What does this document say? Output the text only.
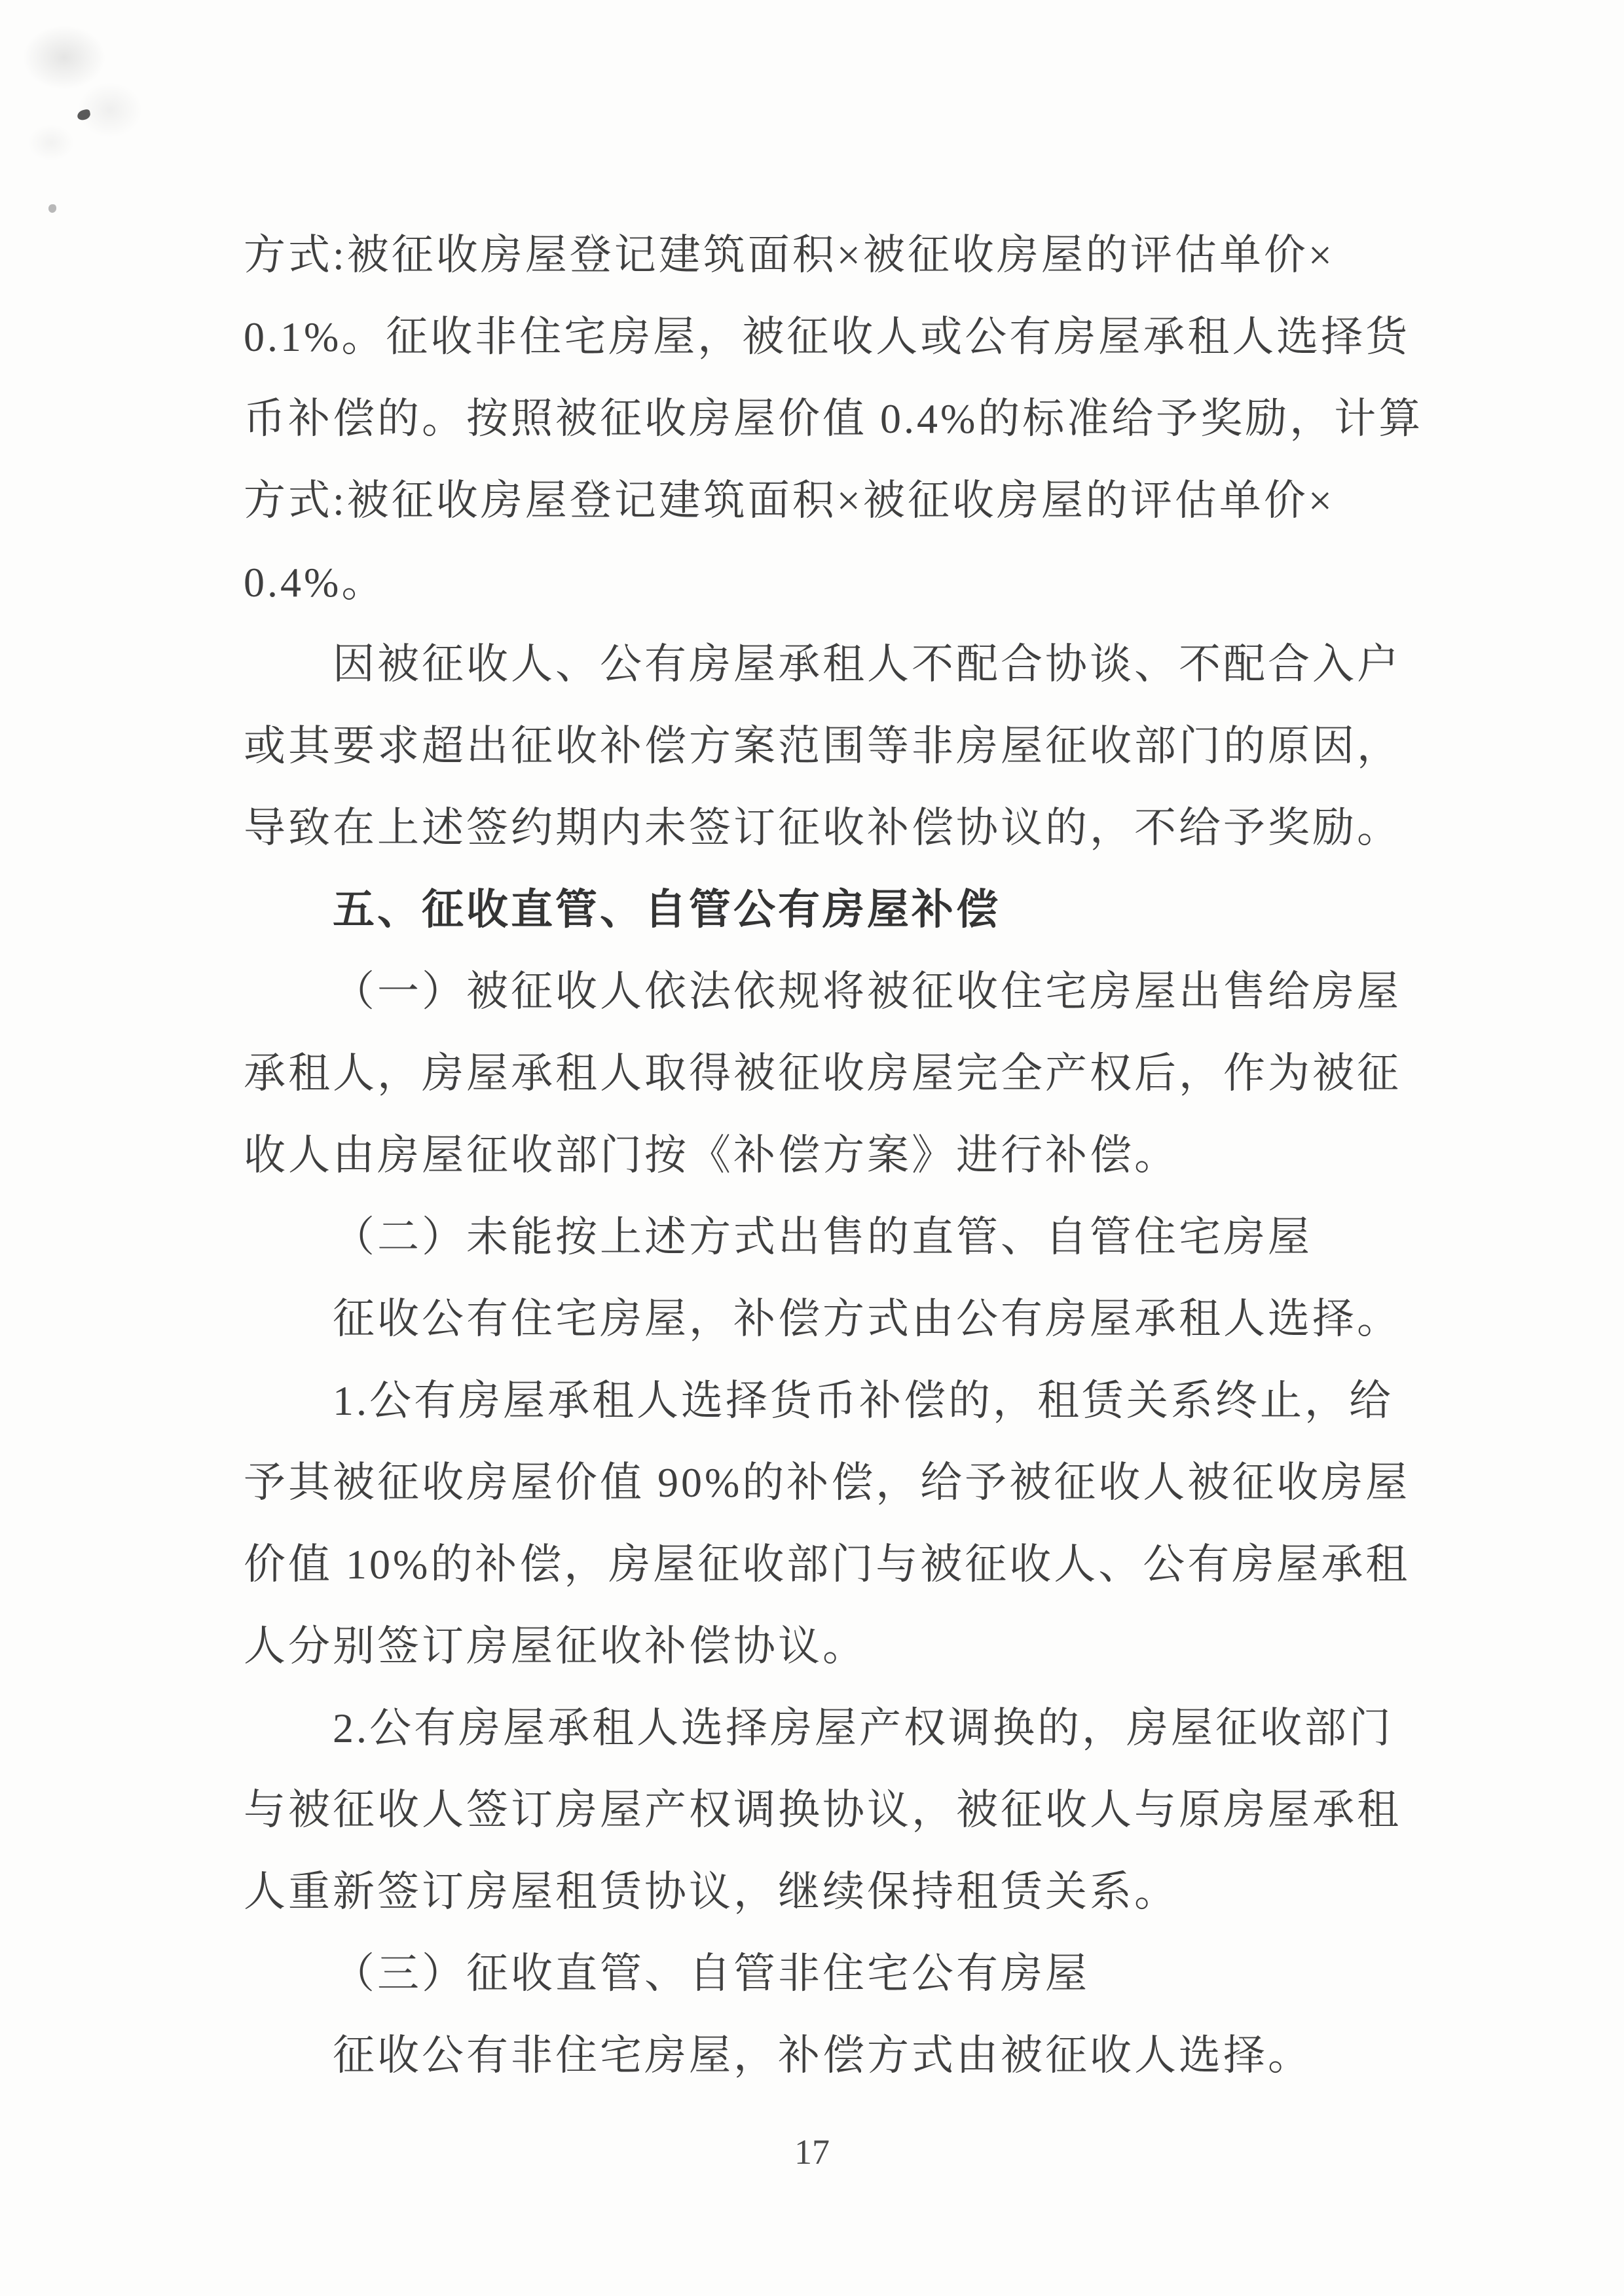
方式:被征收房屋登记建筑面积×被征收房屋的评估单价×
0.1%。征收非住宅房屋，被征收人或公有房屋承租人选择货
币补偿的。按照被征收房屋价值 0.4%的标准给予奖励，计算
方式:被征收房屋登记建筑面积×被征收房屋的评估单价×
0.4%。
因被征收人、公有房屋承租人不配合协谈、不配合入户
或其要求超出征收补偿方案范围等非房屋征收部门的原因，
导致在上述签约期内未签订征收补偿协议的，不给予奖励。
五、征收直管、自管公有房屋补偿
（一）被征收人依法依规将被征收住宅房屋出售给房屋
承租人，房屋承租人取得被征收房屋完全产权后，作为被征
收人由房屋征收部门按《补偿方案》进行补偿。
（二）未能按上述方式出售的直管、自管住宅房屋
征收公有住宅房屋，补偿方式由公有房屋承租人选择。
1.公有房屋承租人选择货币补偿的，租赁关系终止，给
予其被征收房屋价值 90%的补偿，给予被征收人被征收房屋
价值 10%的补偿，房屋征收部门与被征收人、公有房屋承租
人分别签订房屋征收补偿协议。
2.公有房屋承租人选择房屋产权调换的，房屋征收部门
与被征收人签订房屋产权调换协议，被征收人与原房屋承租
人重新签订房屋租赁协议，继续保持租赁关系。
（三）征收直管、自管非住宅公有房屋
征收公有非住宅房屋，补偿方式由被征收人选择。
17
